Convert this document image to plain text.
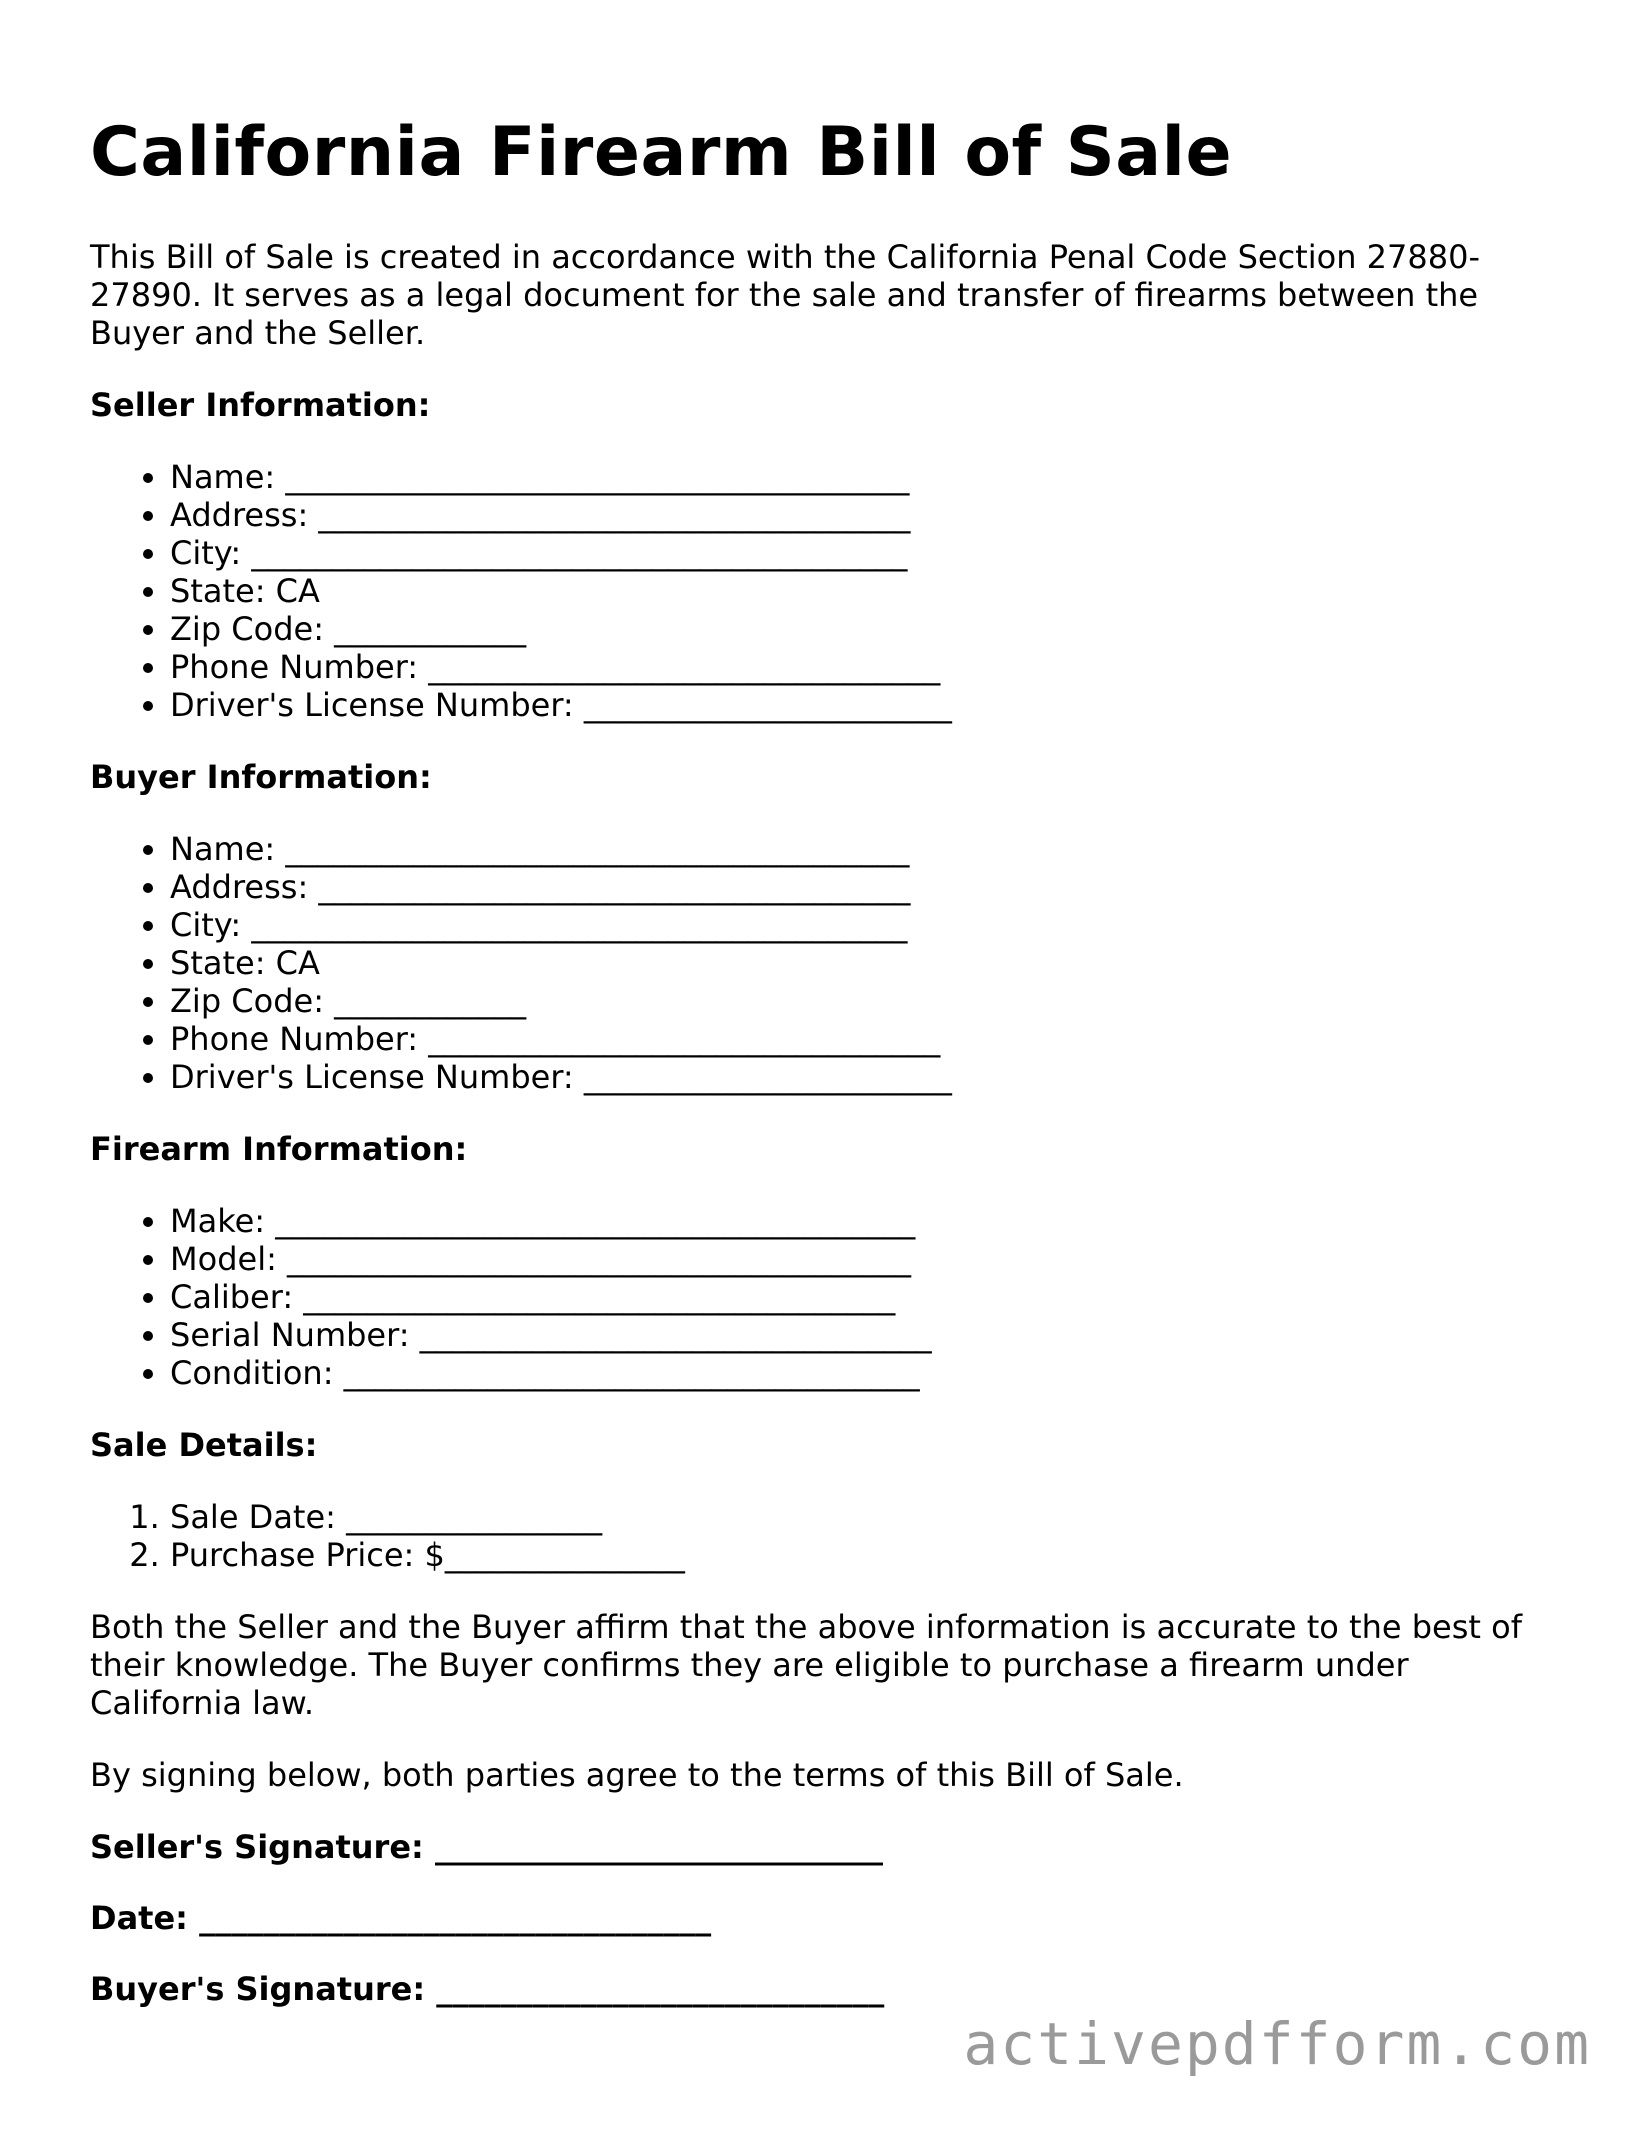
California Firearm Bill of Sale

This Bill of Sale is created in accordance with the California Penal Code Section 27880-27890. It serves as a legal document for the sale and transfer of firearms between the Buyer and the Seller.

Seller Information:

• Name: _______________________________________
• Address: _____________________________________
• City: _________________________________________
• State: CA
• Zip Code: ____________
• Phone Number: ________________________________
• Driver's License Number: _______________________

Buyer Information:

• Name: _______________________________________
• Address: _____________________________________
• City: _________________________________________
• State: CA
• Zip Code: ____________
• Phone Number: ________________________________
• Driver's License Number: _______________________

Firearm Information:

• Make: ________________________________________
• Model: _______________________________________
• Caliber: _____________________________________
• Serial Number: ________________________________
• Condition: ____________________________________

Sale Details:

1. Sale Date: ________________
2. Purchase Price: $_______________

Both the Seller and the Buyer affirm that the above information is accurate to the best of their knowledge. The Buyer confirms they are eligible to purchase a firearm under California law.

By signing below, both parties agree to the terms of this Bill of Sale.

Seller's Signature: ____________________________

Date: ________________________________

Buyer's Signature: ____________________________

activepdfform.com
